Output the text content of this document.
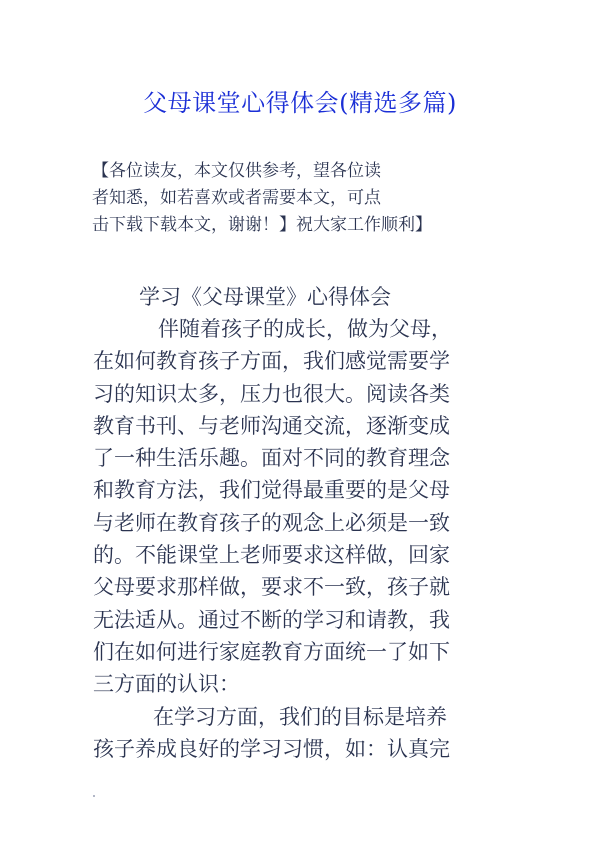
父母课堂心得体会(精选多篇)
【各位读友，本文仅供参考，望各位读
者知悉，如若喜欢或者需要本文，可点
击下载下载本文，谢谢！】祝大家工作顺利】
学习《父母课堂》心得体会
伴随着孩子的成长，做为父母，
在如何教育孩子方面，我们感觉需要学
习的知识太多，压力也很大。阅读各类
教育书刊、与老师沟通交流，逐渐变成
了一种生活乐趣。面对不同的教育理念
和教育方法，我们觉得最重要的是父母
与老师在教育孩子的观念上必须是一致
的。不能课堂上老师要求这样做，回家
父母要求那样做，要求不一致，孩子就
无法适从。通过不断的学习和请教，我
们在如何进行家庭教育方面统一了如下
三方面的认识：
在学习方面，我们的目标是培养
孩子养成良好的学习习惯，如：认真完
